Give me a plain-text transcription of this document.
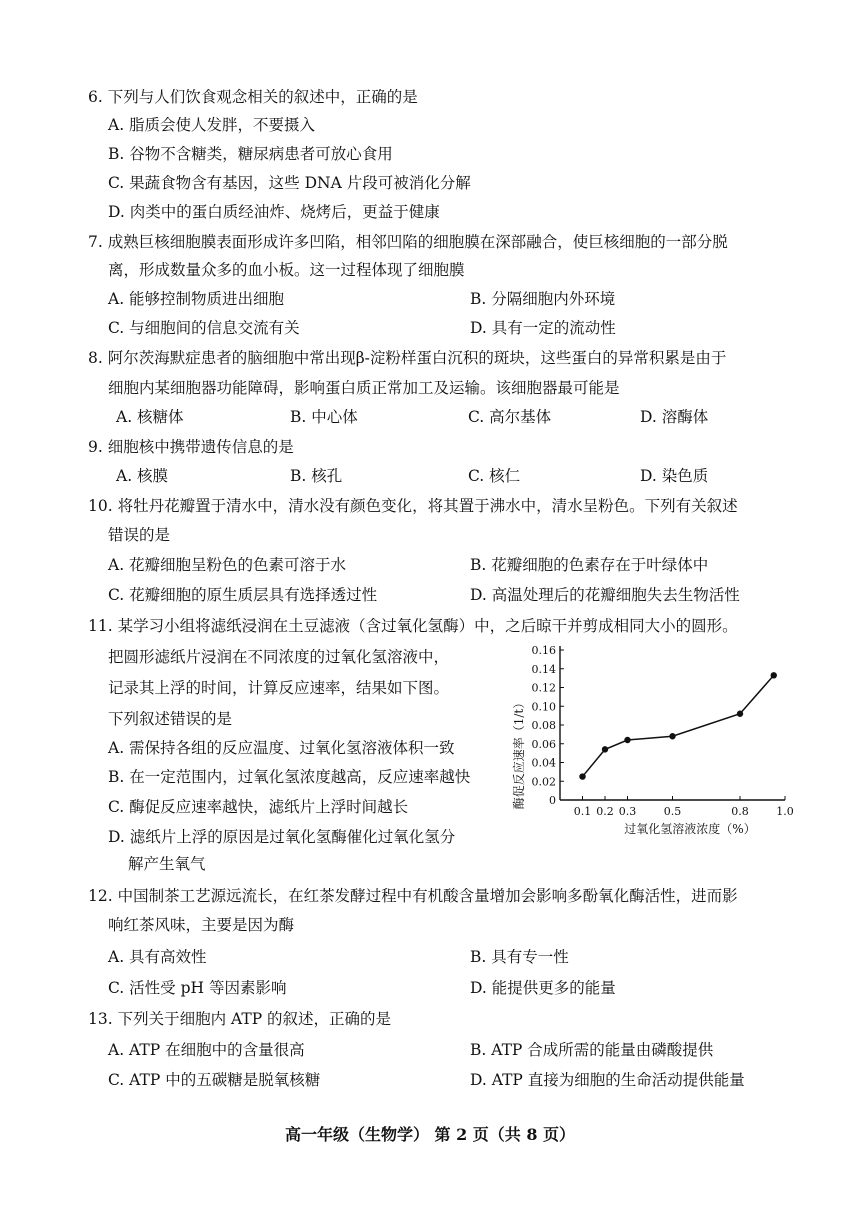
6. 下列与人们饮食观念相关的叙述中，正确的是
A. 脂质会使人发胖，不要摄入
B. 谷物不含糖类，糖尿病患者可放心食用
C. 果蔬食物含有基因，这些 DNA 片段可被消化分解
D. 肉类中的蛋白质经油炸、烧烤后，更益于健康
7. 成熟巨核细胞膜表面形成许多凹陷，相邻凹陷的细胞膜在深部融合，使巨核细胞的一部分脱
离，形成数量众多的血小板。这一过程体现了细胞膜
A. 能够控制物质进出细胞	B. 分隔细胞内外环境
C. 与细胞间的信息交流有关	D. 具有一定的流动性
8. 阿尔茨海默症患者的脑细胞中常出现β-淀粉样蛋白沉积的斑块，这些蛋白的异常积累是由于
细胞内某细胞器功能障碍，影响蛋白质正常加工及运输。该细胞器最可能是
A. 核糖体	B. 中心体	C. 高尔基体	D. 溶酶体
9. 细胞核中携带遗传信息的是
A. 核膜	B. 核孔	C. 核仁	D. 染色质
10. 将牡丹花瓣置于清水中，清水没有颜色变化，将其置于沸水中，清水呈粉色。下列有关叙述
错误的是
A. 花瓣细胞呈粉色的色素可溶于水	B. 花瓣细胞的色素存在于叶绿体中
C. 花瓣细胞的原生质层具有选择透过性	D. 高温处理后的花瓣细胞失去生物活性
11. 某学习小组将滤纸浸润在土豆滤液（含过氧化氢酶）中，之后晾干并剪成相同大小的圆形。
把圆形滤纸片浸润在不同浓度的过氧化氢溶液中，
记录其上浮的时间，计算反应速率，结果如下图。
下列叙述错误的是
A. 需保持各组的反应温度、过氧化氢溶液体积一致
B. 在一定范围内，过氧化氢浓度越高，反应速率越快
C. 酶促反应速率越快，滤纸片上浮时间越长
D. 滤纸片上浮的原因是过氧化氢酶催化过氧化氢分
解产生氧气
0
0.02
0.04
0.06
0.08
0.10
0.12
0.14
0.16
0.1 0.2 0.3	0.5	0.8	1.0
酶促反应速率（1/t）
过氧化氢溶液浓度（%）
12. 中国制茶工艺源远流长，在红茶发酵过程中有机酸含量增加会影响多酚氧化酶活性，进而影
响红茶风味，主要是因为酶
A. 具有高效性	B. 具有专一性
C. 活性受 pH 等因素影响	D. 能提供更多的能量
13. 下列关于细胞内 ATP 的叙述，正确的是
A. ATP 在细胞中的含量很高	B. ATP 合成所需的能量由磷酸提供
C. ATP 中的五碳糖是脱氧核糖	D. ATP 直接为细胞的生命活动提供能量
高一年级（生物学） 第 2 页（共 8 页）
